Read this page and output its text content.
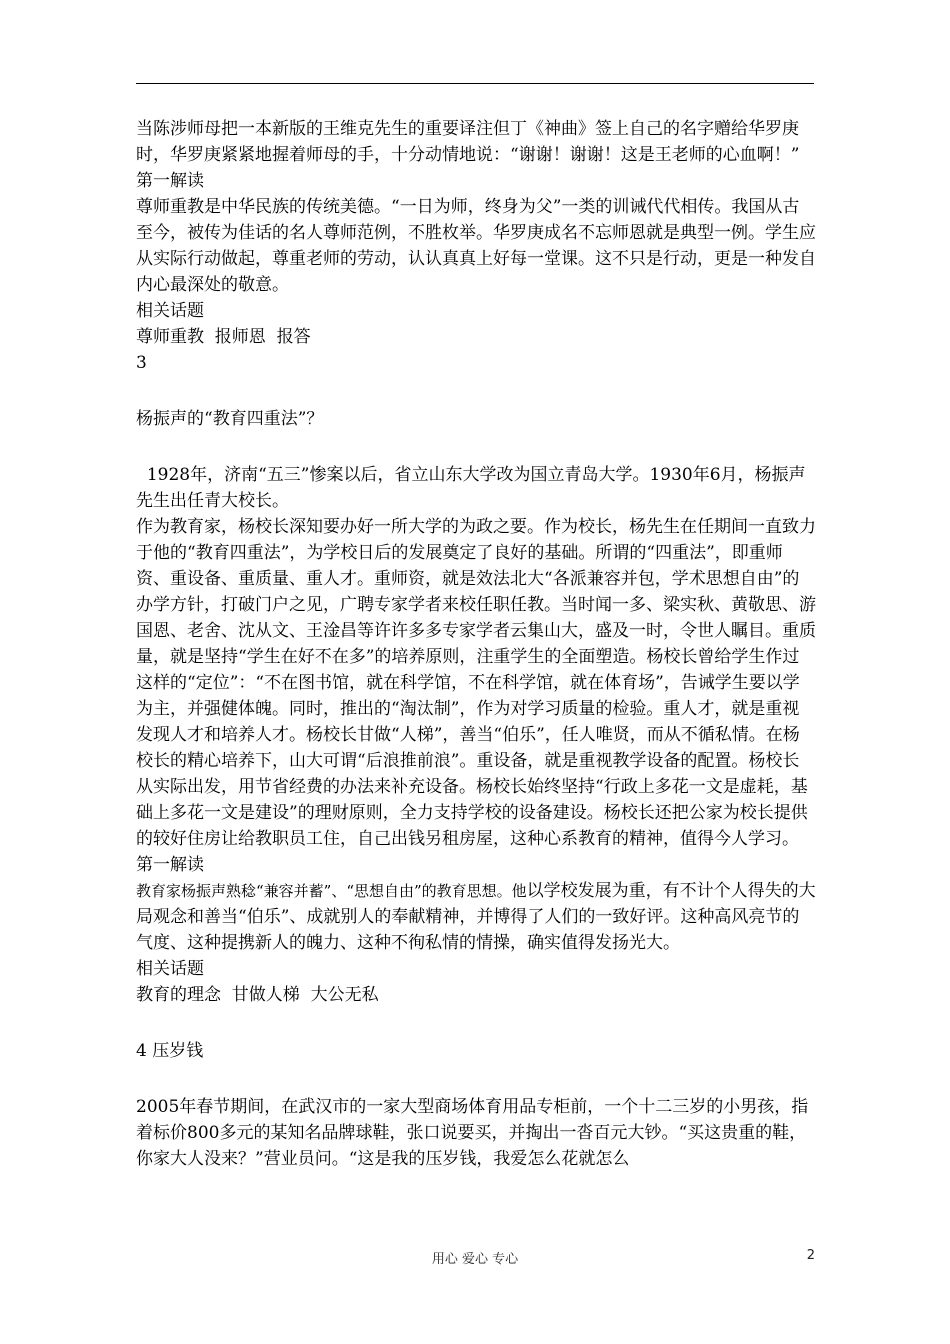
当陈涉师母把一本新版的王维克先生的重要译注但丁《神曲》签上自己的名字赠给华罗庚时，华罗庚紧紧地握着师母的手，十分动情地说：“谢谢！谢谢！这是王老师的心血啊！”

第一解读

尊师重教是中华民族的传统美德。“一日为师，终身为父”一类的训诫代代相传。我国从古至今，被传为佳话的名人尊师范例，不胜枚举。华罗庚成名不忘师恩就是典型一例。学生应从实际行动做起，尊重老师的劳动，认认真真上好每一堂课。这不只是行动，更是一种发自内心最深处的敬意。

相关话题

尊师重教  报师恩  报答

3

杨振声的“教育四重法”？

1928年，济南“五三”惨案以后，省立山东大学改为国立青岛大学。1930年6月，杨振声先生出任青大校长。

作为教育家，杨校长深知要办好一所大学的为政之要。作为校长，杨先生在任期间一直致力于他的“教育四重法”，为学校日后的发展奠定了良好的基础。所谓的“四重法”，即重师资、重设备、重质量、重人才。重师资，就是效法北大“各派兼容并包，学术思想自由”的办学方针，打破门户之见，广聘专家学者来校任职任教。当时闻一多、梁实秋、黄敬思、游国恩、老舍、沈从文、王淦昌等许许多多专家学者云集山大，盛及一时，令世人瞩目。重质量，就是坚持“学生在好不在多”的培养原则，注重学生的全面塑造。杨校长曾给学生作过这样的“定位”：“不在图书馆，就在科学馆，不在科学馆，就在体育场”，告诫学生要以学为主，并强健体魄。同时，推出的“淘汰制”，作为对学习质量的检验。重人才，就是重视发现人才和培养人才。杨校长甘做“人梯”，善当“伯乐”，任人唯贤，而从不循私情。在杨校长的精心培养下，山大可谓“后浪推前浪”。重设备，就是重视教学设备的配置。杨校长从实际出发，用节省经费的办法来补充设备。杨校长始终坚持“行政上多花一文是虚耗，基础上多花一文是建设”的理财原则，全力支持学校的设备建设。杨校长还把公家为校长提供的较好住房让给教职员工住，自己出钱另租房屋，这种心系教育的精神，值得今人学习。

第一解读

教育家杨振声熟稔“兼容并蓄”、“思想自由”的教育思想。他以学校发展为重，有不计个人得失的大局观念和善当“伯乐”、成就别人的奉献精神，并博得了人们的一致好评。这种高风亮节的气度、这种提携新人的魄力、这种不徇私情的情操，确实值得发扬光大。

相关话题

教育的理念  甘做人梯  大公无私

4 压岁钱

2005年春节期间，在武汉市的一家大型商场体育用品专柜前，一个十二三岁的小男孩，指着标价800多元的某知名品牌球鞋，张口说要买，并掏出一沓百元大钞。“买这贵重的鞋，你家大人没来？”营业员问。“这是我的压岁钱，我爱怎么花就怎么

用心 爱心 专心	2
